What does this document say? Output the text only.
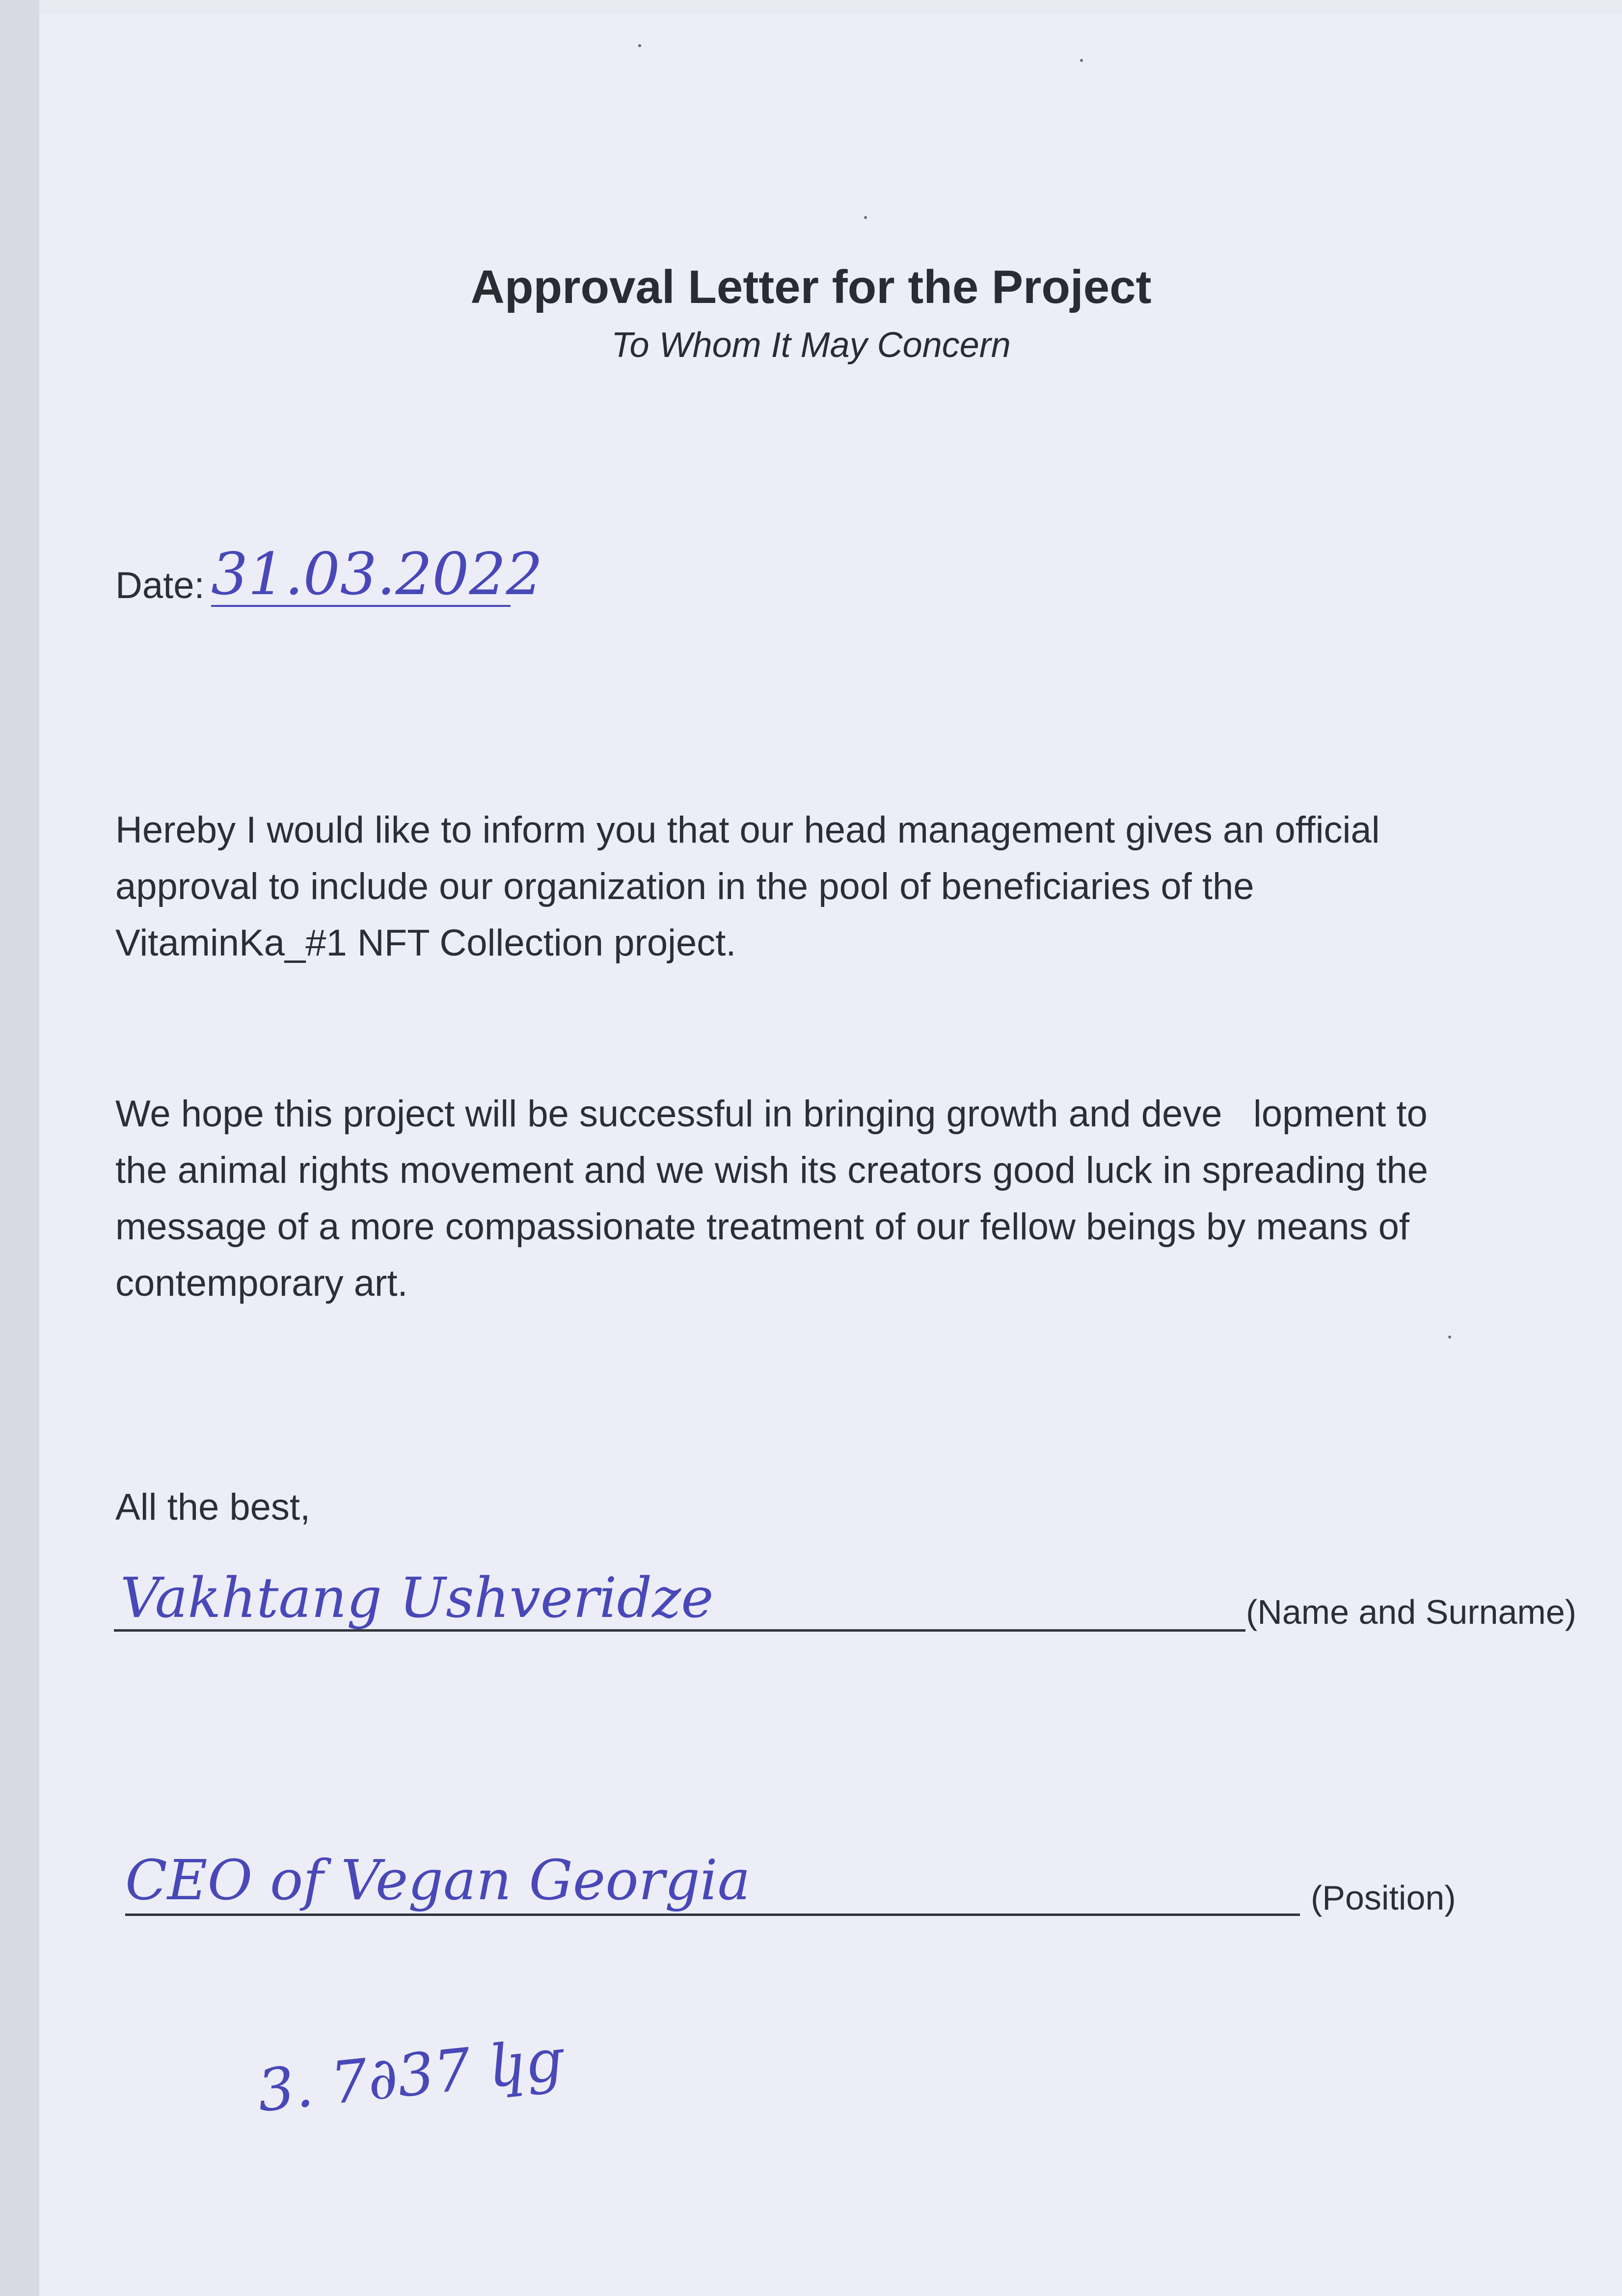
Approval Letter for the Project
To Whom It May Concern
Date: 31.03.2022
Hereby I would like to inform you that our head management gives an official
approval to include our organization in the pool of beneficiaries of the
VitaminKa_#1 NFT Collection project.
We hope this project will be successful in bringing growth and deve   lopment to
the animal rights movement and we wish its creators good luck in spreading the
message of a more compassionate treatment of our fellow beings by means of
contemporary art.
All the best,
Vakhtang Ushveridze	(Name and Surname)
CEO of Vegan Georgia	(Position)
3. 7∂37 կց
